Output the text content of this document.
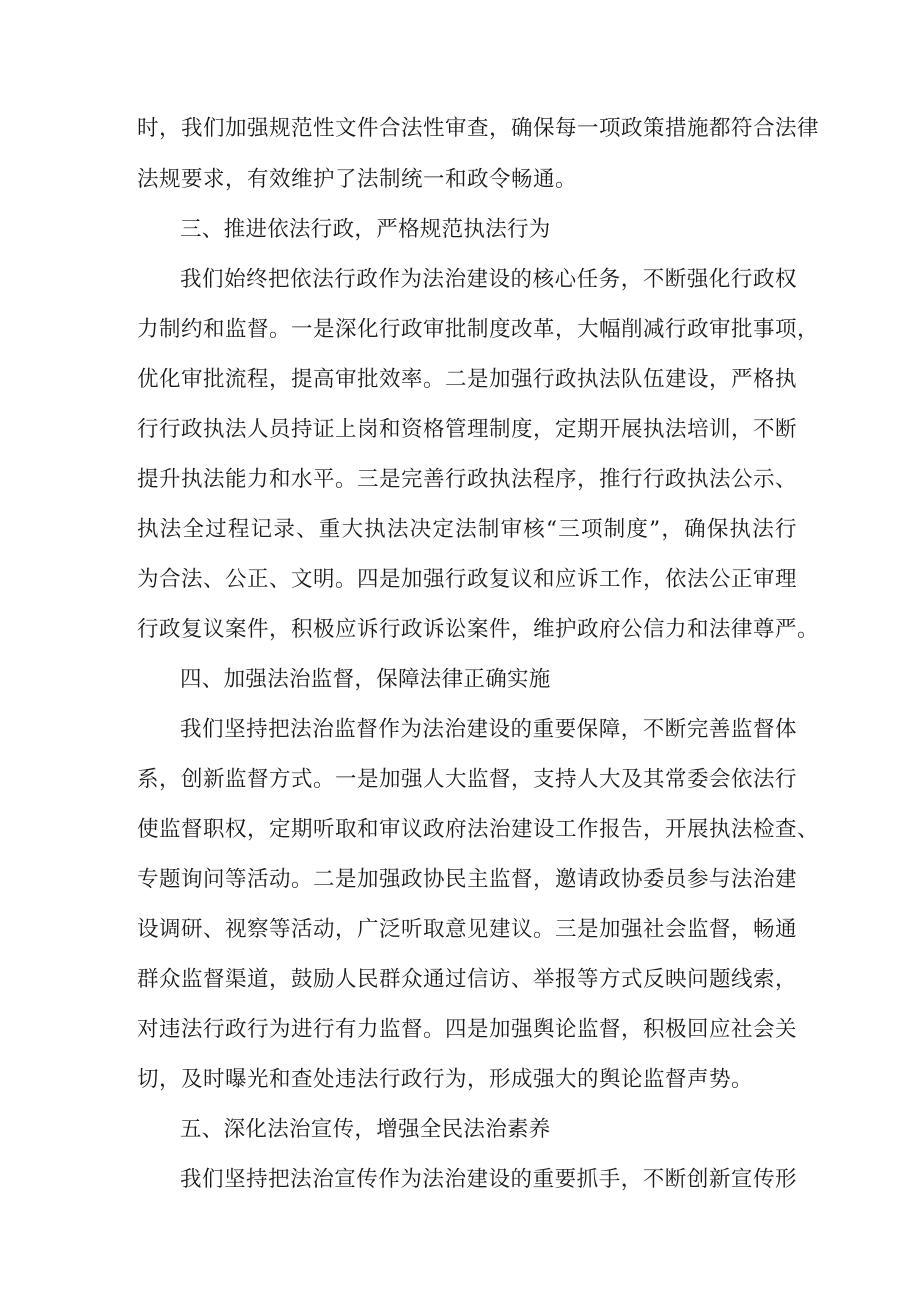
时，我们加强规范性文件合法性审查，确保每一项政策措施都符合法律
法规要求，有效维护了法制统一和政令畅通。
三、推进依法行政，严格规范执法行为
我们始终把依法行政作为法治建设的核心任务，不断强化行政权
力制约和监督。一是深化行政审批制度改革，大幅削减行政审批事项，
优化审批流程，提高审批效率。二是加强行政执法队伍建设，严格执
行行政执法人员持证上岗和资格管理制度，定期开展执法培训，不断
提升执法能力和水平。三是完善行政执法程序，推行行政执法公示、
执法全过程记录、重大执法决定法制审核“三项制度”，确保执法行
为合法、公正、文明。四是加强行政复议和应诉工作，依法公正审理
行政复议案件，积极应诉行政诉讼案件，维护政府公信力和法律尊严。
四、加强法治监督，保障法律正确实施
我们坚持把法治监督作为法治建设的重要保障，不断完善监督体
系，创新监督方式。一是加强人大监督，支持人大及其常委会依法行
使监督职权，定期听取和审议政府法治建设工作报告，开展执法检查、
专题询问等活动。二是加强政协民主监督，邀请政协委员参与法治建
设调研、视察等活动，广泛听取意见建议。三是加强社会监督，畅通
群众监督渠道，鼓励人民群众通过信访、举报等方式反映问题线索，
对违法行政行为进行有力监督。四是加强舆论监督，积极回应社会关
切，及时曝光和查处违法行政行为，形成强大的舆论监督声势。
五、深化法治宣传，增强全民法治素养
我们坚持把法治宣传作为法治建设的重要抓手，不断创新宣传形
